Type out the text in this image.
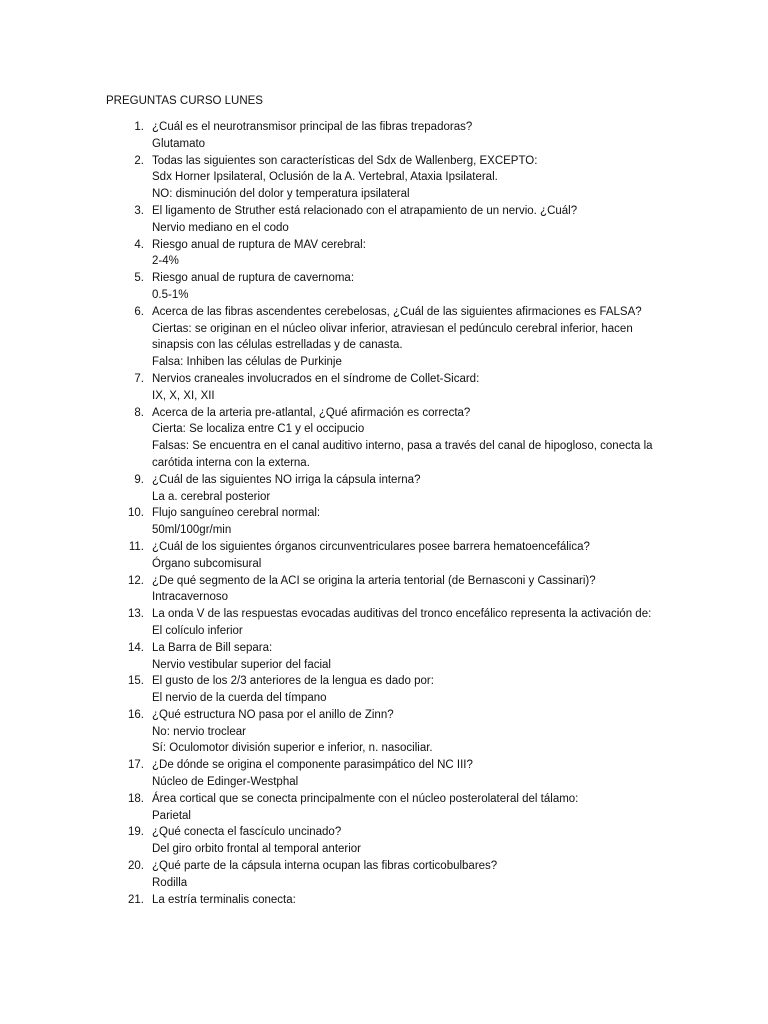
PREGUNTAS CURSO LUNES
1. ¿Cuál es el neurotransmisor principal de las fibras trepadoras?
Glutamato
2. Todas las siguientes son características del Sdx de Wallenberg, EXCEPTO:
Sdx Horner Ipsilateral, Oclusión de la A. Vertebral, Ataxia Ipsilateral.
NO: disminución del dolor y temperatura ipsilateral
3. El ligamento de Struther está relacionado con el atrapamiento de un nervio. ¿Cuál?
Nervio mediano en el codo
4. Riesgo anual de ruptura de MAV cerebral:
2-4%
5. Riesgo anual de ruptura de cavernoma:
0.5-1%
6. Acerca de las fibras ascendentes cerebelosas, ¿Cuál de las siguientes afirmaciones es FALSA?
Ciertas: se originan en el núcleo olivar inferior, atraviesan el pedúnculo cerebral inferior, hacen
sinapsis con las células estrelladas y de canasta.
Falsa: Inhiben las células de Purkinje
7. Nervios craneales involucrados en el síndrome de Collet-Sicard:
IX, X, XI, XII
8. Acerca de la arteria pre-atlantal, ¿Qué afirmación es correcta?
Cierta: Se localiza entre C1 y el occipucio
Falsas: Se encuentra en el canal auditivo interno, pasa a través del canal de hipogloso, conecta la
carótida interna con la externa.
9. ¿Cuál de las siguientes NO irriga la cápsula interna?
La a. cerebral posterior
10. Flujo sanguíneo cerebral normal:
50ml/100gr/min
11. ¿Cuál de los siguientes órganos circunventriculares posee barrera hematoencefálica?
Órgano subcomisural
12. ¿De qué segmento de la ACI se origina la arteria tentorial (de Bernasconi y Cassinari)?
Intracavernoso
13. La onda V de las respuestas evocadas auditivas del tronco encefálico representa la activación de:
El colículo inferior
14. La Barra de Bill separa:
Nervio vestibular superior del facial
15. El gusto de los 2/3 anteriores de la lengua es dado por:
El nervio de la cuerda del tímpano
16. ¿Qué estructura NO pasa por el anillo de Zinn?
No: nervio troclear
Sí: Oculomotor división superior e inferior, n. nasociliar.
17. ¿De dónde se origina el componente parasimpático del NC III?
Núcleo de Edinger-Westphal
18. Área cortical que se conecta principalmente con el núcleo posterolateral del tálamo:
Parietal
19. ¿Qué conecta el fascículo uncinado?
Del giro orbito frontal al temporal anterior
20. ¿Qué parte de la cápsula interna ocupan las fibras corticobulbares?
Rodilla
21. La estría terminalis conecta:
